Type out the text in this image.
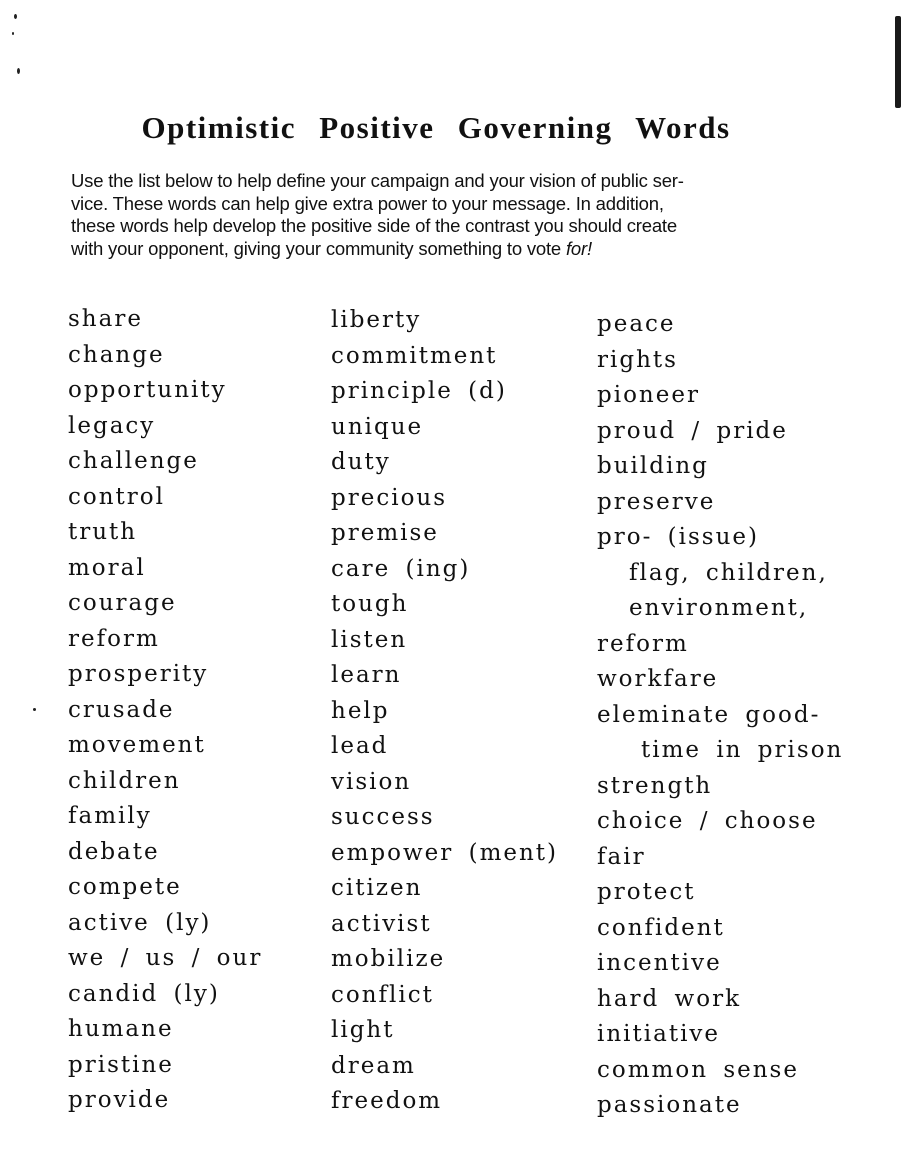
Optimistic Positive Governing Words

Use the list below to help define your campaign and your vision of public ser-
vice. These words can help give extra power to your message. In addition,
these words help develop the positive side of the contrast you should create
with your opponent, giving your community something to vote for!

share
change
opportunity
legacy
challenge
control
truth
moral
courage
reform
prosperity
crusade
movement
children
family
debate
compete
active (ly)
we / us / our
candid (ly)
humane
pristine
provide
liberty
commitment
principle (d)
unique
duty
precious
premise
care (ing)
tough
listen
learn
help
lead
vision
success
empower (ment)
citizen
activist
mobilize
conflict
light
dream
freedom
peace
rights
pioneer
proud / pride
building
preserve
pro- (issue)
flag, children,
environment,
reform
workfare
eleminate good-
time in prison
strength
choice / choose
fair
protect
confident
incentive
hard work
initiative
common sense
passionate
